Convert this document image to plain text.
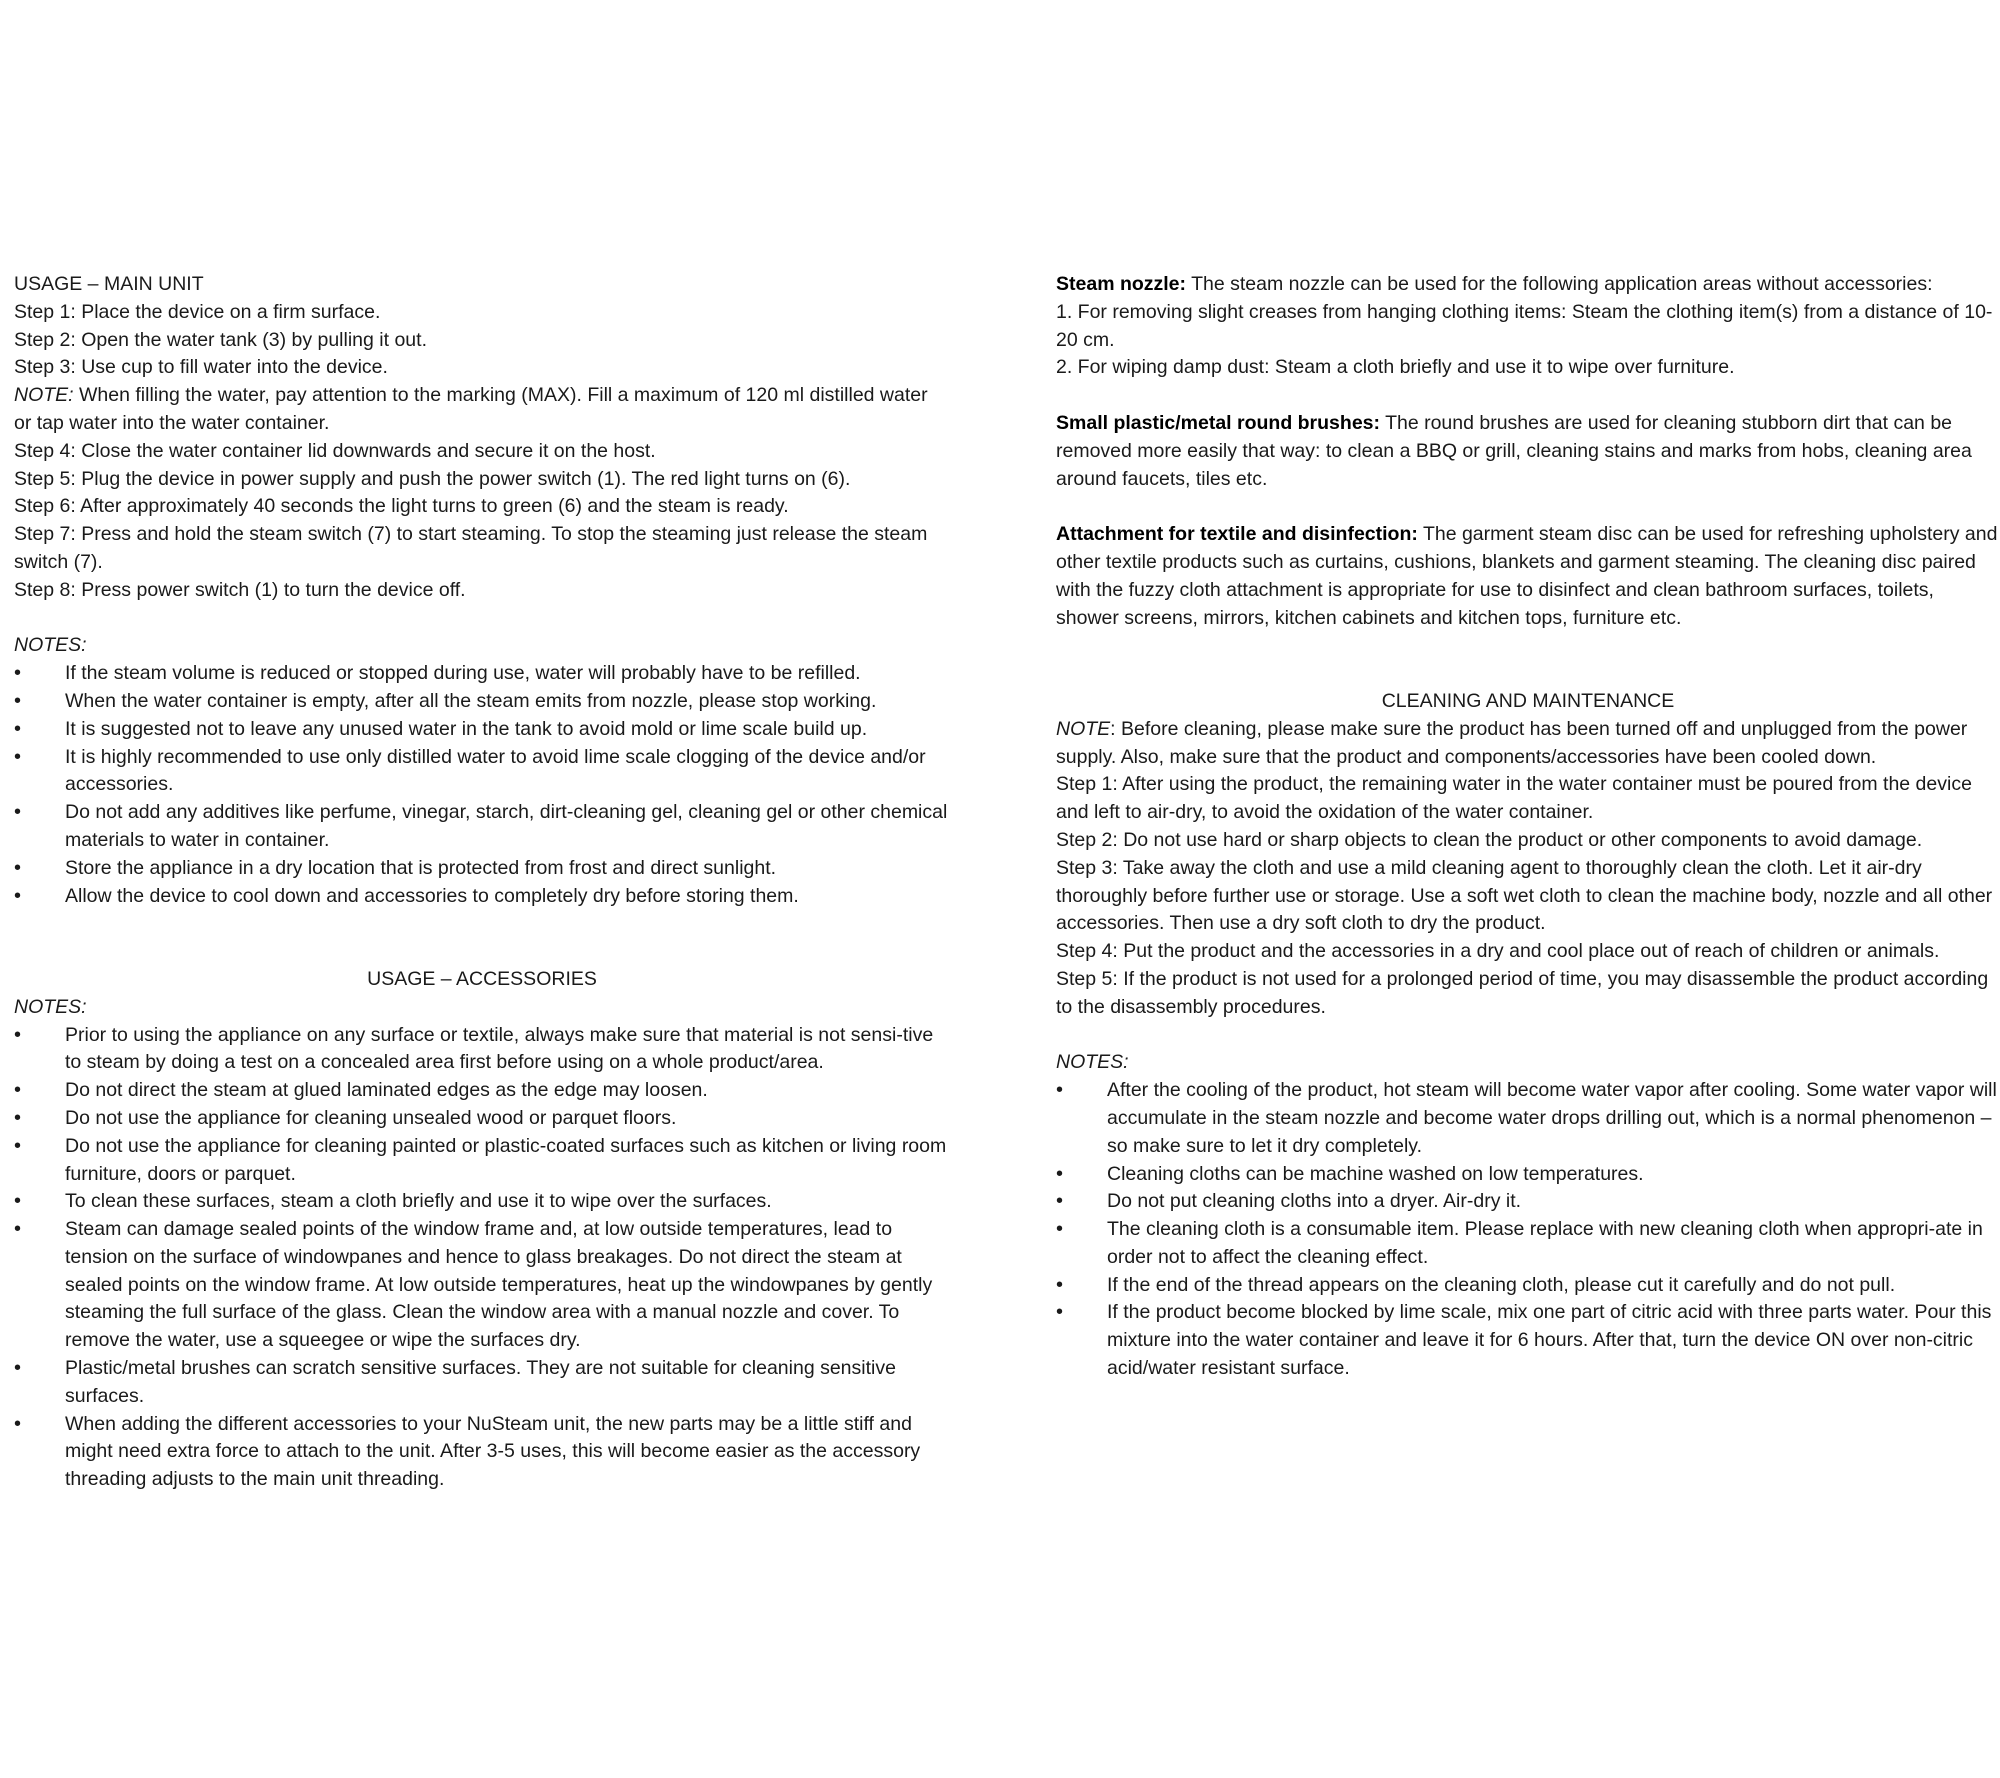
USAGE – MAIN UNIT

Step 1: Place the device on a firm surface.

Step 2: Open the water tank (3) by pulling it out.

Step 3: Use cup to fill water into the device.

NOTE: When filling the water, pay attention to the marking (MAX). Fill a maximum of 120 ml distilled water or tap water into the water container.

Step 4: Close the water container lid downwards and secure it on the host.

Step 5: Plug the device in power supply and push the power switch (1). The red light turns on (6).

Step 6: After approximately 40 seconds the light turns to green (6) and the steam is ready.

Step 7: Press and hold the steam switch (7) to start steaming. To stop the steaming just release the steam switch (7).

Step 8: Press power switch (1) to turn the device off.

NOTES:

• If the steam volume is reduced or stopped during use, water will probably have to be refilled.
• When the water container is empty, after all the steam emits from nozzle, please stop working.
• It is suggested not to leave any unused water in the tank to avoid mold or lime scale build up.
• It is highly recommended to use only distilled water to avoid lime scale clogging of the device and/or accessories.
• Do not add any additives like perfume, vinegar, starch, dirt-cleaning gel, cleaning gel or other chemical materials to water in container.
• Store the appliance in a dry location that is protected from frost and direct sunlight.
• Allow the device to cool down and accessories to completely dry before storing them.

USAGE – ACCESSORIES

NOTES:

• Prior to using the appliance on any surface or textile, always make sure that material is not sensi-tive to steam by doing a test on a concealed area first before using on a whole product/area.
• Do not direct the steam at glued laminated edges as the edge may loosen.
• Do not use the appliance for cleaning unsealed wood or parquet floors.
• Do not use the appliance for cleaning painted or plastic-coated surfaces such as kitchen or living room furniture, doors or parquet.
• To clean these surfaces, steam a cloth briefly and use it to wipe over the surfaces.
• Steam can damage sealed points of the window frame and, at low outside temperatures, lead to tension on the surface of windowpanes and hence to glass breakages. Do not direct the steam at sealed points on the window frame. At low outside temperatures, heat up the windowpanes by gently steaming the full surface of the glass. Clean the window area with a manual nozzle and cover. To remove the water, use a squeegee or wipe the surfaces dry.
• Plastic/metal brushes can scratch sensitive surfaces. They are not suitable for cleaning sensitive surfaces.
• When adding the different accessories to your NuSteam unit, the new parts may be a little stiff and might need extra force to attach to the unit. After 3-5 uses, this will become easier as the accessory threading adjusts to the main unit threading.

Steam nozzle: The steam nozzle can be used for the following application areas without accessories:

1. For removing slight creases from hanging clothing items: Steam the clothing item(s) from a distance of 10-20 cm.

2. For wiping damp dust: Steam a cloth briefly and use it to wipe over furniture.

Small plastic/metal round brushes: The round brushes are used for cleaning stubborn dirt that can be removed more easily that way: to clean a BBQ or grill, cleaning stains and marks from hobs, cleaning area around faucets, tiles etc.

Attachment for textile and disinfection: The garment steam disc can be used for refreshing upholstery and other textile products such as curtains, cushions, blankets and garment steaming. The cleaning disc paired with the fuzzy cloth attachment is appropriate for use to disinfect and clean bathroom surfaces, toilets, shower screens, mirrors, kitchen cabinets and kitchen tops, furniture etc.

CLEANING AND MAINTENANCE

NOTE: Before cleaning, please make sure the product has been turned off and unplugged from the power supply. Also, make sure that the product and components/accessories have been cooled down.

Step 1: After using the product, the remaining water in the water container must be poured from the device and left to air-dry, to avoid the oxidation of the water container.

Step 2: Do not use hard or sharp objects to clean the product or other components to avoid damage.

Step 3: Take away the cloth and use a mild cleaning agent to thoroughly clean the cloth. Let it air-dry thoroughly before further use or storage. Use a soft wet cloth to clean the machine body, nozzle and all other accessories. Then use a dry soft cloth to dry the product.

Step 4: Put the product and the accessories in a dry and cool place out of reach of children or animals.

Step 5: If the product is not used for a prolonged period of time, you may disassemble the product according to the disassembly procedures.

NOTES:

• After the cooling of the product, hot steam will become water vapor after cooling. Some water vapor will accumulate in the steam nozzle and become water drops drilling out, which is a normal phenomenon – so make sure to let it dry completely.
• Cleaning cloths can be machine washed on low temperatures.
• Do not put cleaning cloths into a dryer. Air-dry it.
• The cleaning cloth is a consumable item. Please replace with new cleaning cloth when appropri-ate in order not to affect the cleaning effect.
• If the end of the thread appears on the cleaning cloth, please cut it carefully and do not pull.
• If the product become blocked by lime scale, mix one part of citric acid with three parts water. Pour this mixture into the water container and leave it for 6 hours. After that, turn the device ON over non-citric acid/water resistant surface.
